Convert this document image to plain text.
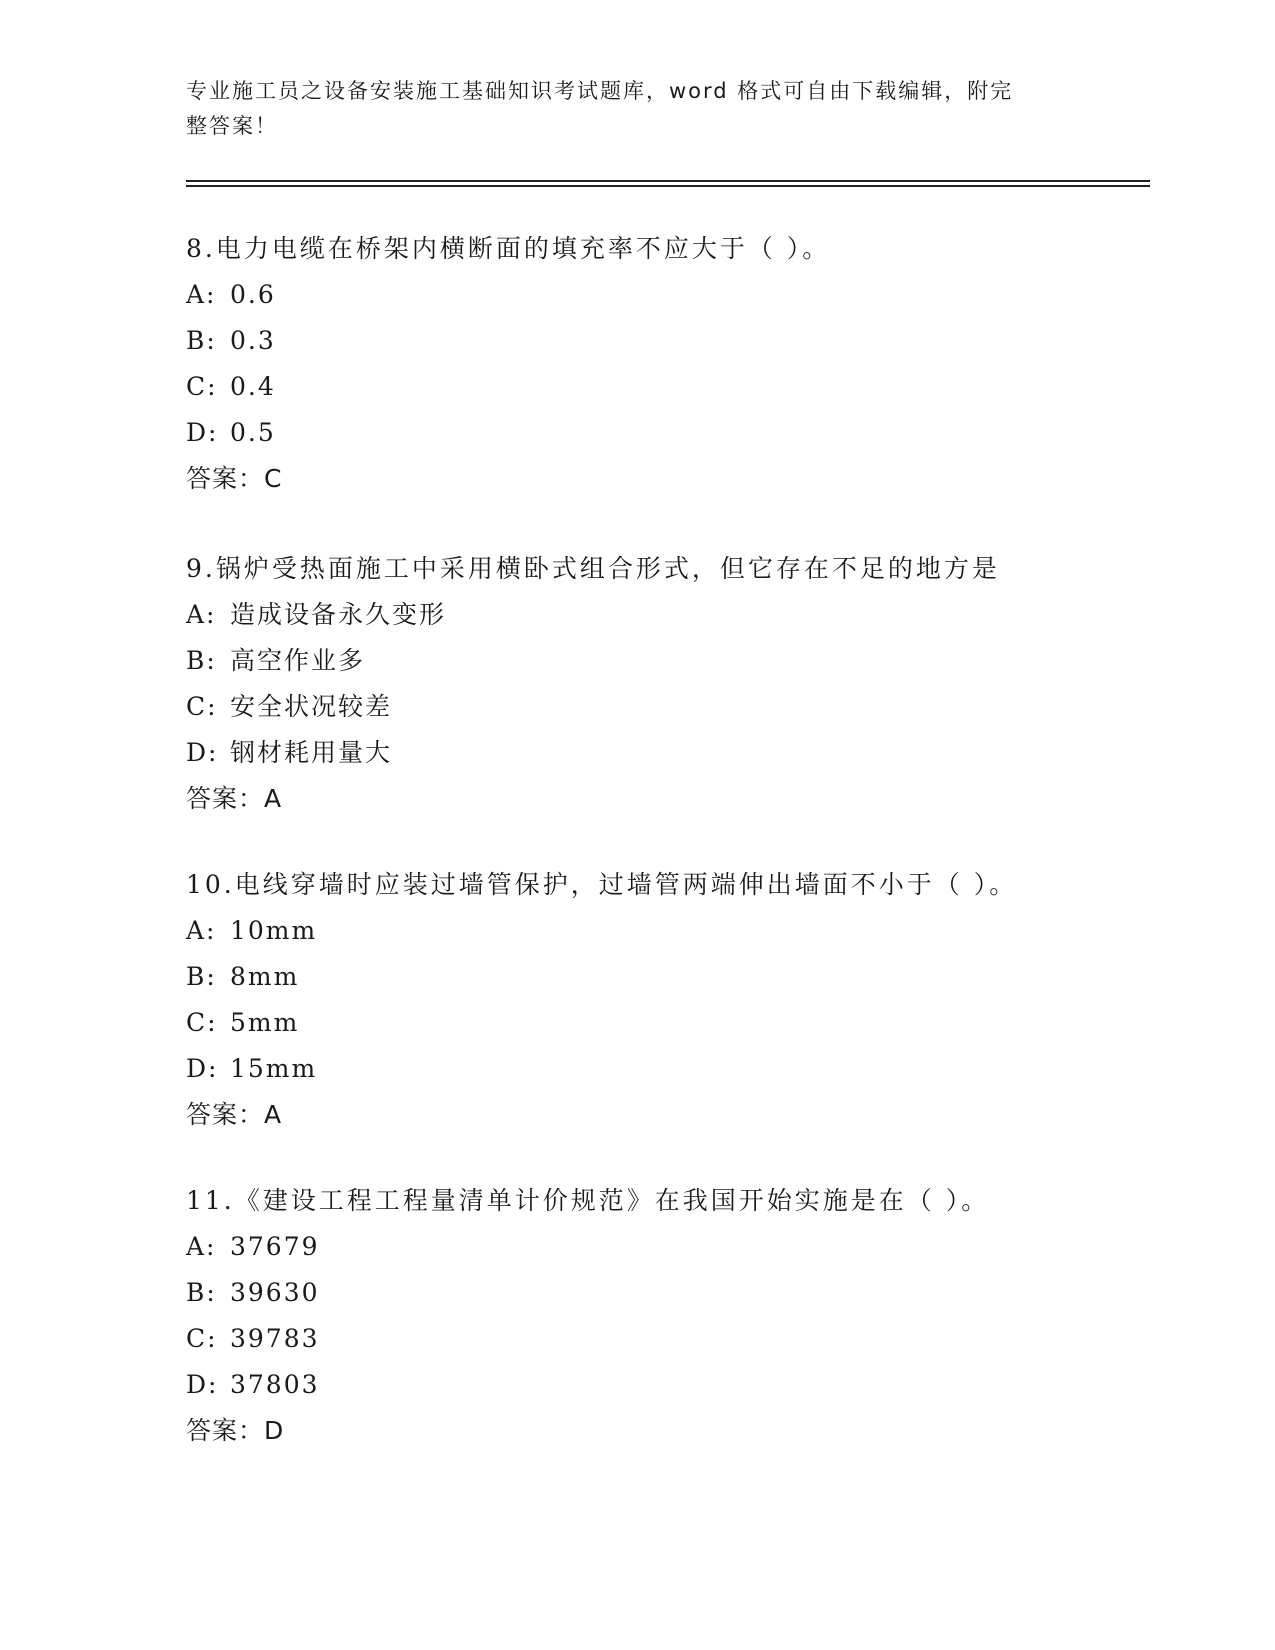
专业施工员之设备安装施工基础知识考试题库，word 格式可自由下载编辑，附完
整答案！
8.电力电缆在桥架内横断面的填充率不应大于（ ）。
A: 0.6
B: 0.3
C: 0.4
D: 0.5
答案：C
9.锅炉受热面施工中采用横卧式组合形式，但它存在不足的地方是
A: 造成设备永久变形
B: 高空作业多
C: 安全状况较差
D: 钢材耗用量大
答案：A
10.电线穿墙时应装过墙管保护，过墙管两端伸出墙面不小于（ ）。
A: 10mm
B: 8mm
C: 5mm
D: 15mm
答案：A
11.《建设工程工程量清单计价规范》在我国开始实施是在（ ）。
A: 37679
B: 39630
C: 39783
D: 37803
答案：D
